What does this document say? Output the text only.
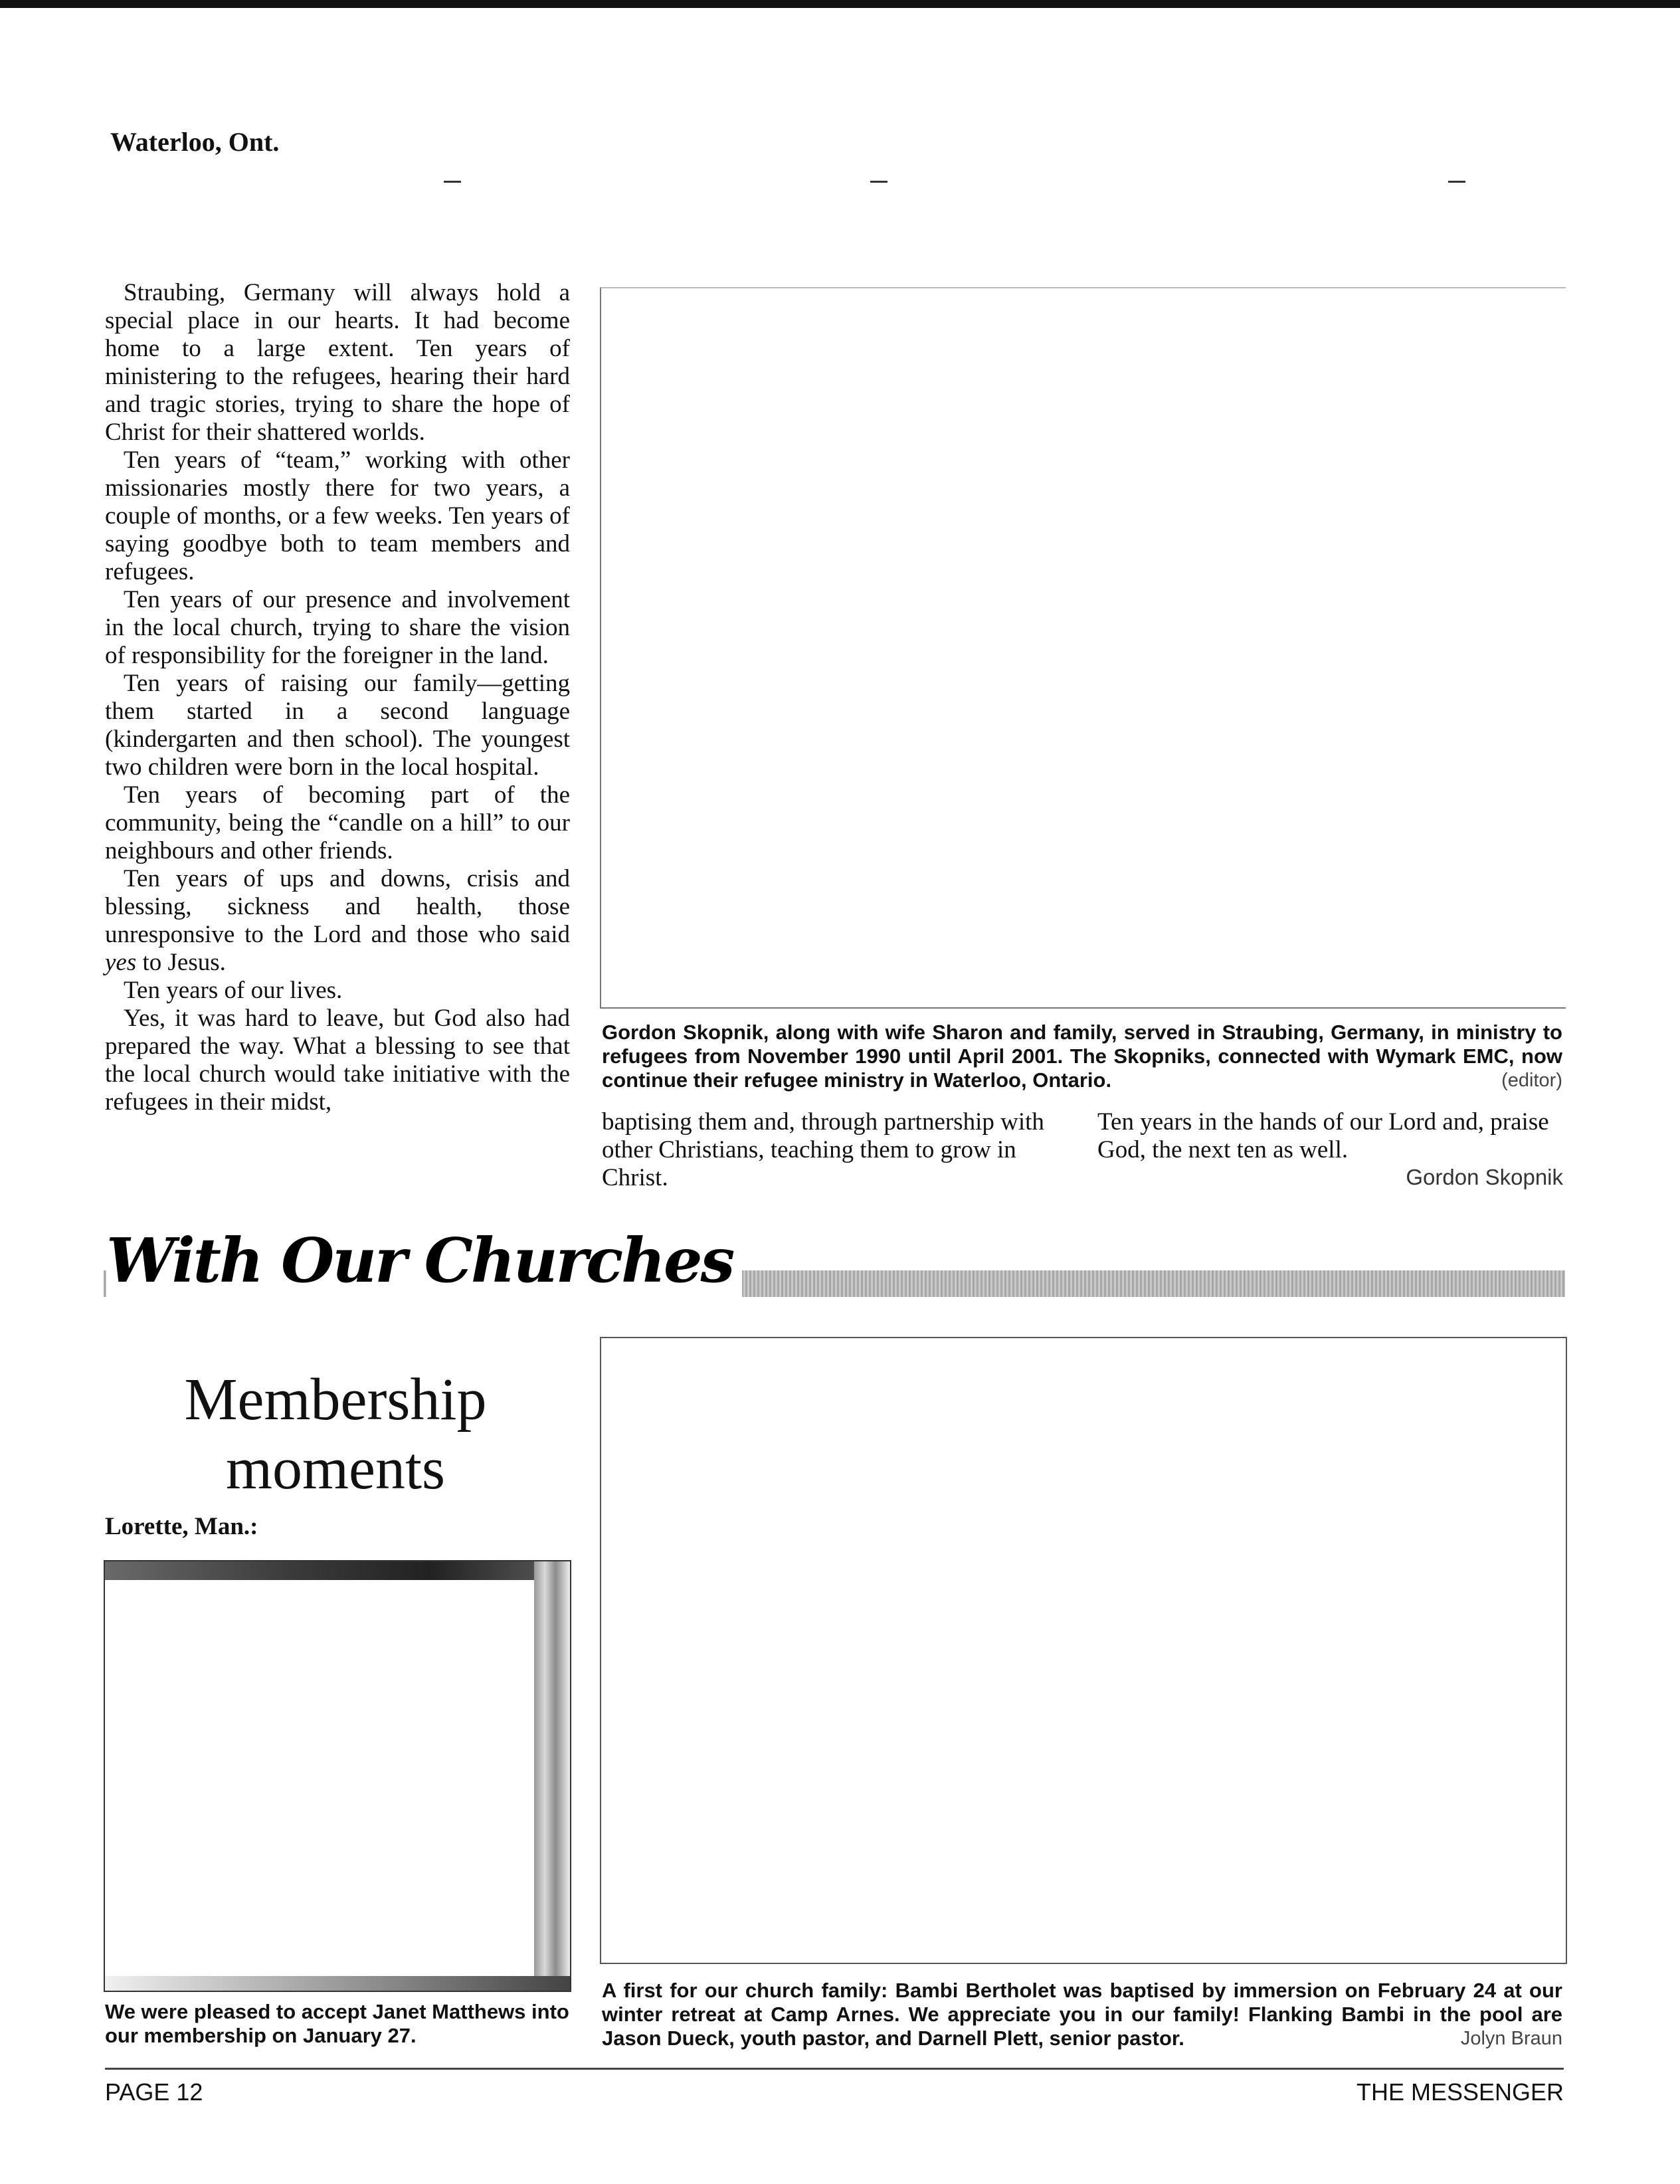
Waterloo, Ont.

Straubing, Germany will always hold a special place in our hearts. It had become home to a large extent. Ten years of ministering to the refugees, hearing their hard and tragic stories, trying to share the hope of Christ for their shattered worlds.

Ten years of “team,” working with other missionaries mostly there for two years, a couple of months, or a few weeks. Ten years of saying goodbye both to team members and refugees.

Ten years of our presence and involvement in the local church, trying to share the vision of responsibility for the foreigner in the land.

Ten years of raising our family—getting them started in a second language (kindergarten and then school). The youngest two children were born in the local hospital.

Ten years of becoming part of the community, being the “candle on a hill” to our neighbours and other friends.

Ten years of ups and downs, crisis and blessing, sickness and health, those unresponsive to the Lord and those who said yes to Jesus.

Ten years of our lives.

Yes, it was hard to leave, but God also had prepared the way. What a blessing to see that the local church would take initiative with the refugees in their midst,

Gordon Skopnik, along with wife Sharon and family, served in Straubing, Germany, in ministry to refugees from November 1990 until April 2001. The Skopniks, connected with Wymark EMC, now continue their refugee ministry in Waterloo, Ontario.	(editor)
baptising them and, through partnership with other Christians, teaching them to grow in Christ.
Ten years in the hands of our Lord and, praise God, the next ten as well.
Gordon Skopnik
With Our Churches
Membership
moments
Lorette, Man.:
We were pleased to accept Janet Matthews into our membership on January 27.
A first for our church family: Bambi Bertholet was baptised by immersion on February 24 at our winter retreat at Camp Arnes. We appreciate you in our family! Flanking Bambi in the pool are Jason Dueck, youth pastor, and Darnell Plett, senior pastor.	Jolyn Braun
PAGE 12	THE MESSENGER
